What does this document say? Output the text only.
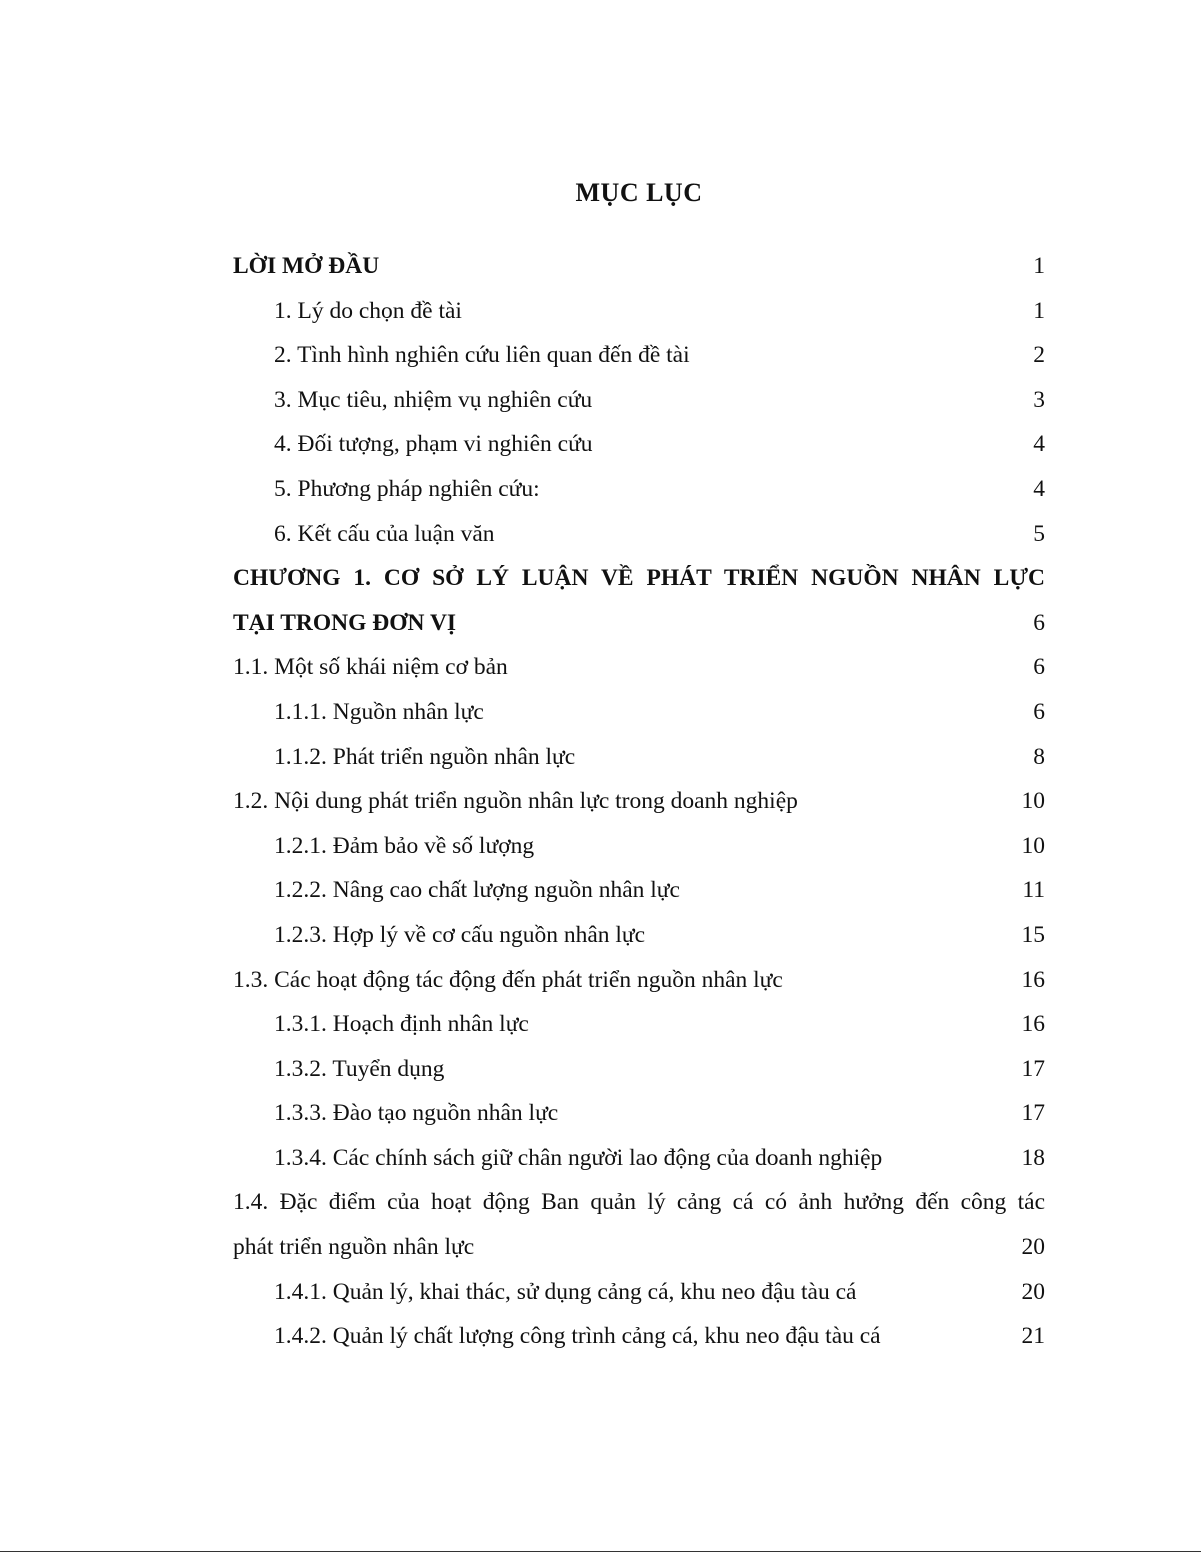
MỤC LỤC
LỜI MỞ ĐẦU .....	1
1. Lý do chọn đề tài .....	1
2. Tình hình nghiên cứu liên quan đến đề tài .....	2
3. Mục tiêu, nhiệm vụ nghiên cứu .....	3
4. Đối tượng, phạm vi nghiên cứu .....	4
5. Phương pháp nghiên cứu: .....	4
6. Kết cấu của luận văn .....	5
CHƯƠNG 1. CƠ SỞ LÝ LUẬN VỀ PHÁT TRIỂN NGUỒN NHÂN LỰC
TẠI TRONG ĐƠN VỊ .....	6
1.1. Một số khái niệm cơ bản .....	6
1.1.1. Nguồn nhân lực .....	6
1.1.2. Phát triển nguồn nhân lực .....	8
1.2. Nội dung phát triển nguồn nhân lực trong doanh nghiệp .....	10
1.2.1. Đảm bảo về số lượng .....	10
1.2.2. Nâng cao chất lượng nguồn nhân lực .....	11
1.2.3. Hợp lý về cơ cấu nguồn nhân lực .....	15
1.3. Các hoạt động tác động đến phát triển nguồn nhân lực .....	16
1.3.1. Hoạch định nhân lực .....	16
1.3.2. Tuyển dụng .....	17
1.3.3. Đào tạo nguồn nhân lực .....	17
1.3.4. Các chính sách giữ chân người lao động của doanh nghiệp .....	18
1.4. Đặc điểm của hoạt động Ban quản lý cảng cá có ảnh hưởng đến công tác
phát triển nguồn nhân lực .....	20
1.4.1. Quản lý, khai thác, sử dụng cảng cá, khu neo đậu tàu cá .....	20
1.4.2. Quản lý chất lượng công trình cảng cá, khu neo đậu tàu cá .....	21
